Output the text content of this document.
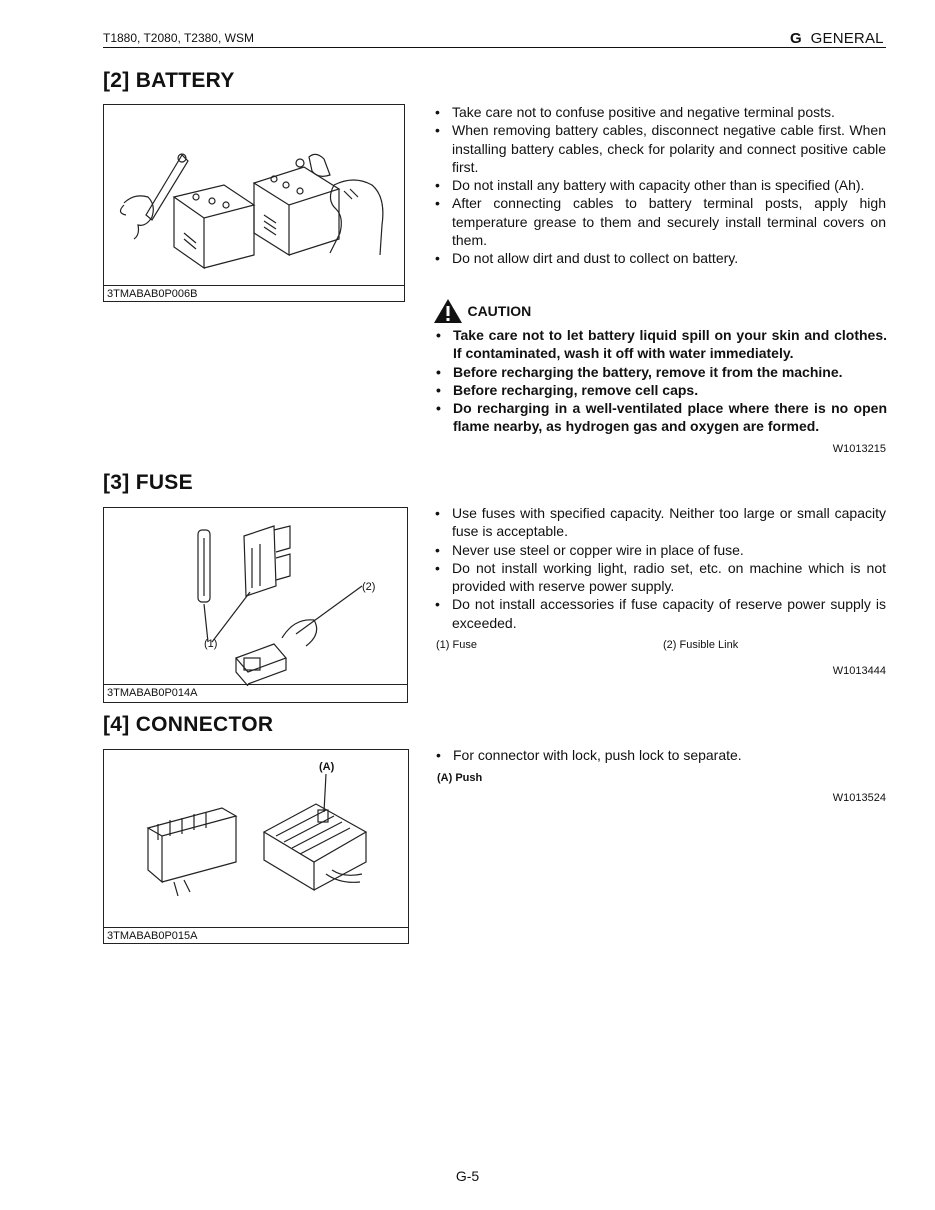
T1880, T2080, T2380, WSM	G GENERAL
[2] BATTERY
3TMABAB0P006B
• Take care not to confuse positive and negative terminal posts.
• When removing battery cables, disconnect negative cable first. When installing battery cables, check for polarity and connect positive cable first.
• Do not install any battery with capacity other than is specified (Ah).
• After connecting cables to battery terminal posts, apply high temperature grease to them and securely install terminal covers on them.
• Do not allow dirt and dust to collect on battery.
CAUTION
• Take care not to let battery liquid spill on your skin and clothes. If contaminated, wash it off with water immediately.
• Before recharging the battery, remove it from the machine.
• Before recharging, remove cell caps.
• Do recharging in a well-ventilated place where there is no open flame nearby, as hydrogen gas and oxygen are formed.
W1013215
[3] FUSE
(1)
(2)
3TMABAB0P014A
• Use fuses with specified capacity. Neither too large or small capacity fuse is acceptable.
• Never use steel or copper wire in place of fuse.
• Do not install working light, radio set, etc. on machine which is not provided with reserve power supply.
• Do not install accessories if fuse capacity of reserve power supply is exceeded.
(1) Fuse	(2) Fusible Link
W1013444
[4] CONNECTOR
(A)
3TMABAB0P015A
• For connector with lock, push lock to separate.
(A) Push
W1013524
G-5
